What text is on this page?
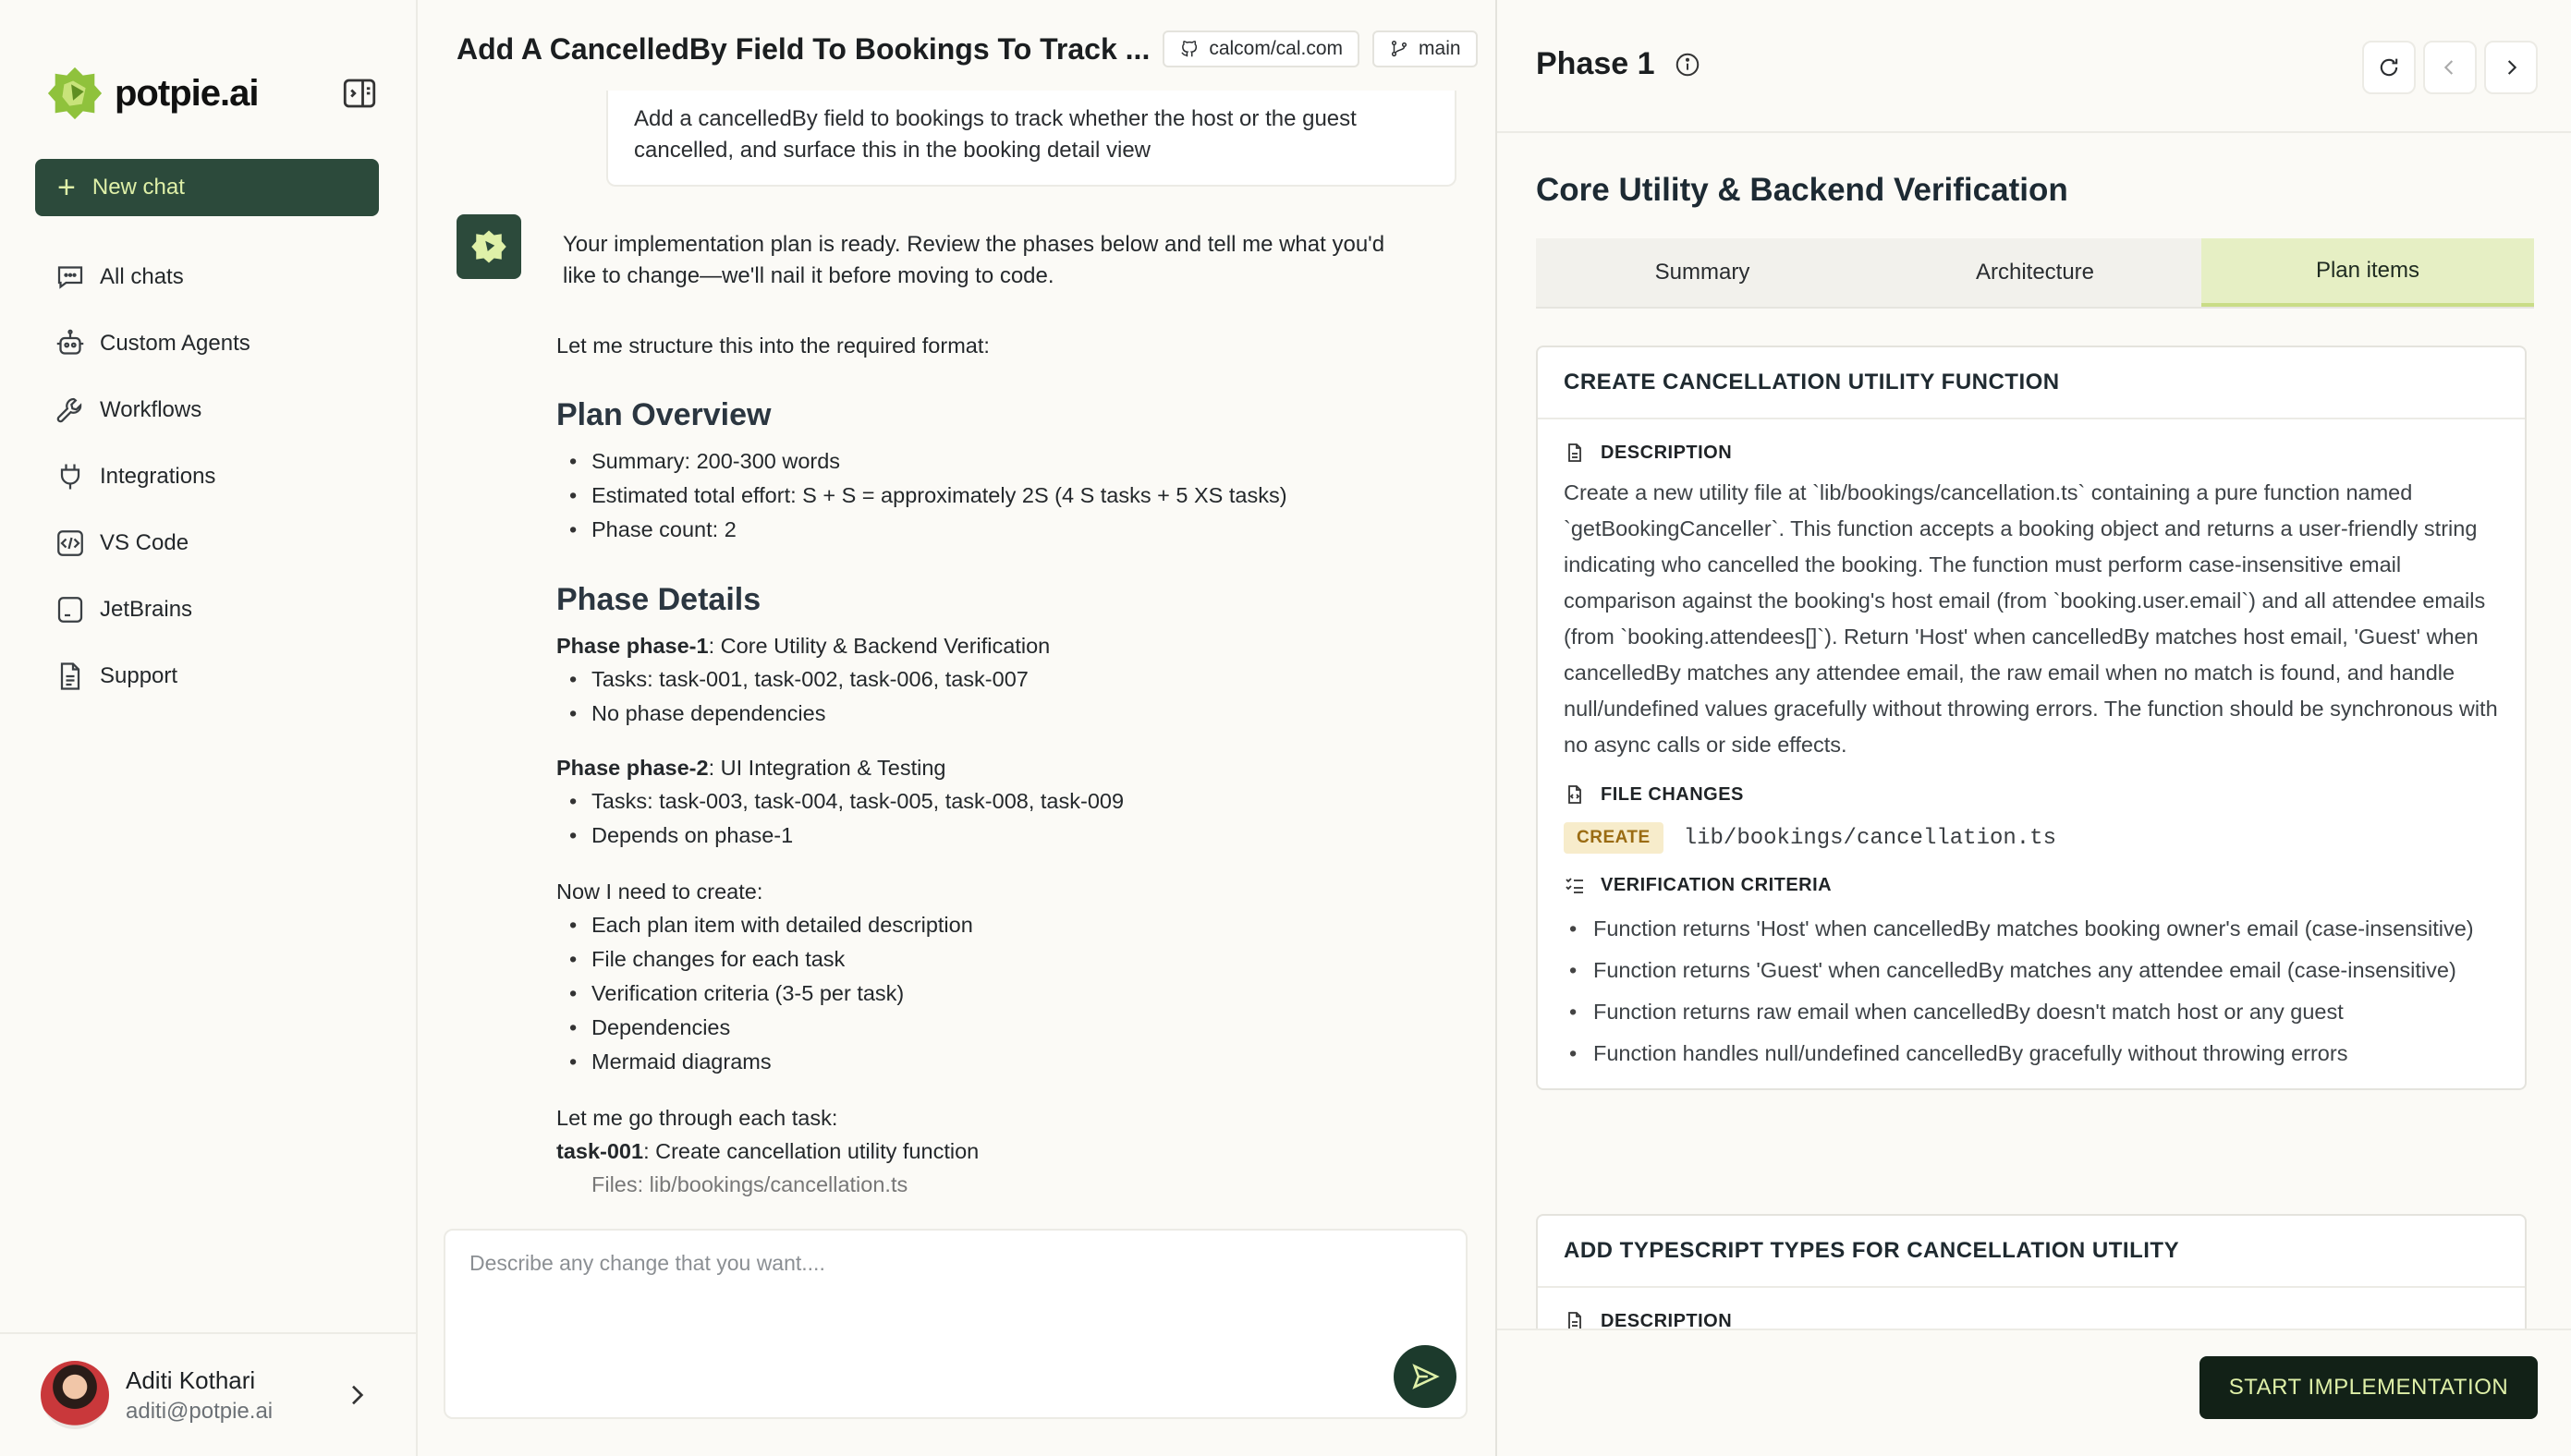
potpie.ai
+ New chat
All chats
Custom Agents
Workflows
Integrations
VS Code
JetBrains
Support
Aditi Kothari
aditi@potpie.ai
Add A CancelledBy Field To Bookings To Track ...	calcom/cal.com	main
Add a cancelledBy field to bookings to track whether the host or the guest cancelled, and surface this in the booking detail view
Your implementation plan is ready. Review the phases below and tell me what you'd like to change—we'll nail it before moving to code.

Let me structure this into the required format:

Plan Overview
• Summary: 200-300 words
• Estimated total effort: S + S = approximately 2S (4 S tasks + 5 XS tasks)
• Phase count: 2
Phase Details

Phase phase-1: Core Utility & Backend Verification

• Tasks: task-001, task-002, task-006, task-007
• No phase dependencies

Phase phase-2: UI Integration & Testing

• Tasks: task-003, task-004, task-005, task-008, task-009
• Depends on phase-1

Now I need to create:

• Each plan item with detailed description
• File changes for each task
• Verification criteria (3-5 per task)
• Dependencies
• Mermaid diagrams

Let me go through each task:

task-001: Create cancellation utility function

Files: lib/bookings/cancellation.ts

Describe any change that you want....
Phase 1
Core Utility & Backend Verification
Summary	Architecture	Plan items
CREATE CANCELLATION UTILITY FUNCTION
DESCRIPTION
Create a new utility file at `lib/bookings/cancellation.ts` containing a pure function named `getBookingCanceller`. This function accepts a booking object and returns a user-friendly string indicating who cancelled the booking. The function must perform case-insensitive email comparison against the booking's host email (from `booking.user.email`) and all attendee emails (from `booking.attendees[]`). Return 'Host' when cancelledBy matches host email, 'Guest' when cancelledBy matches any attendee email, the raw email when no match is found, and handle null/undefined values gracefully without throwing errors. The function should be synchronous with no async calls or side effects.
FILE CHANGES
CREATE	lib/bookings/cancellation.ts
VERIFICATION CRITERIA
• Function returns 'Host' when cancelledBy matches booking owner's email (case-insensitive)
• Function returns 'Guest' when cancelledBy matches any attendee email (case-insensitive)
• Function returns raw email when cancelledBy doesn't match host or any guest
• Function handles null/undefined cancelledBy gracefully without throwing errors
ADD TYPESCRIPT TYPES FOR CANCELLATION UTILITY
DESCRIPTION
START IMPLEMENTATION
